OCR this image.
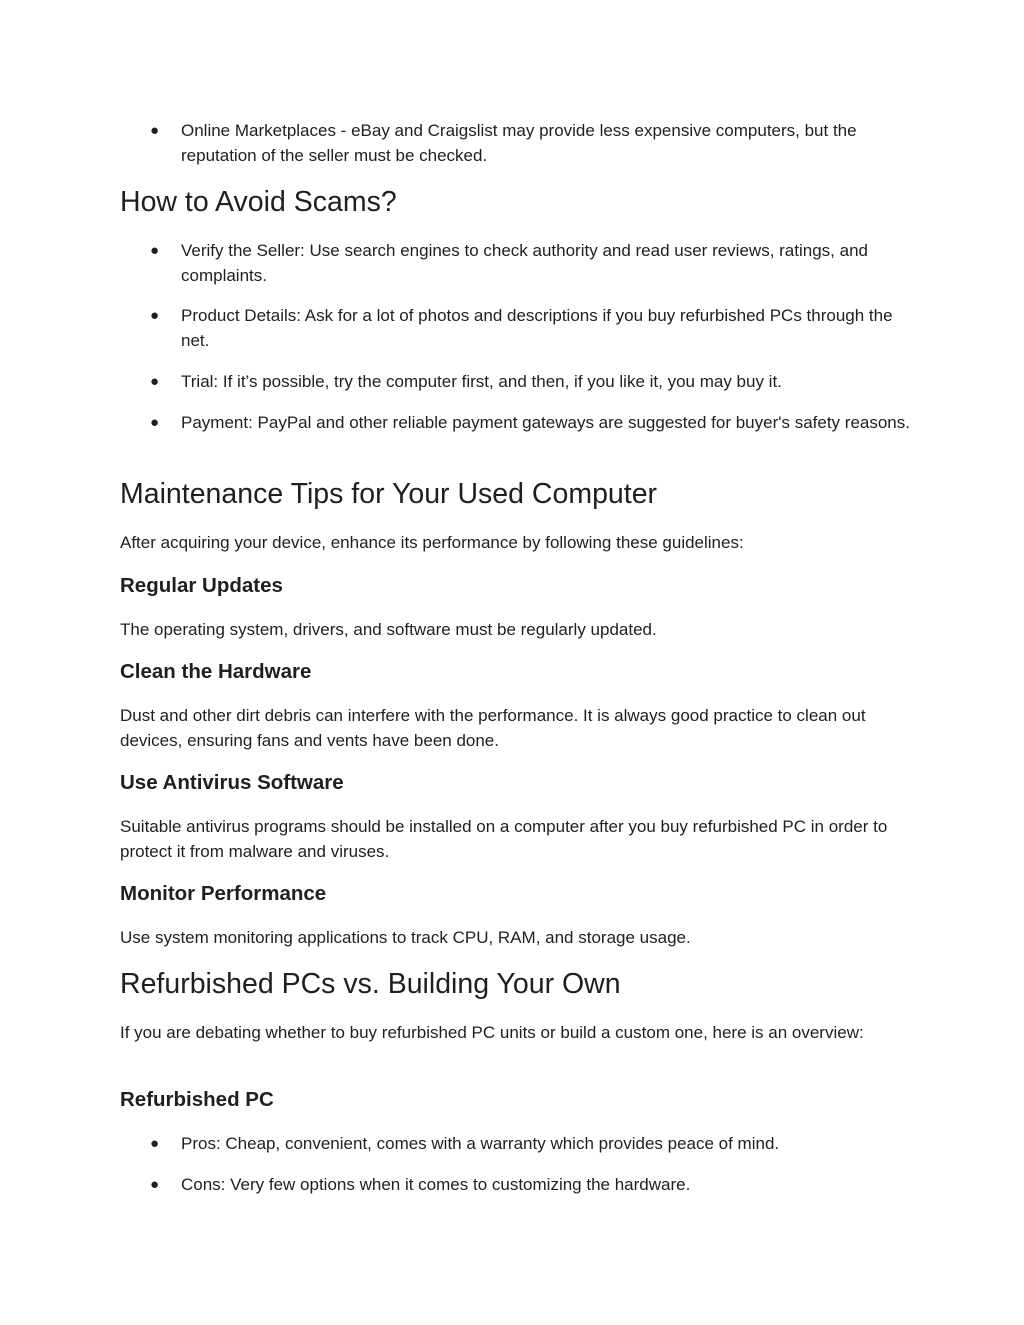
● Online Marketplaces - eBay and Craigslist may provide less expensive computers, but the reputation of the seller must be checked.
How to Avoid Scams?
● Verify the Seller: Use search engines to check authority and read user reviews, ratings, and complaints.
● Product Details: Ask for a lot of photos and descriptions if you buy refurbished PCs through the net.
● Trial: If it’s possible, try the computer first, and then, if you like it, you may buy it.
● Payment: PayPal and other reliable payment gateways are suggested for buyer's safety reasons.
Maintenance Tips for Your Used Computer
After acquiring your device, enhance its performance by following these guidelines:
Regular Updates
The operating system, drivers, and software must be regularly updated.
Clean the Hardware
Dust and other dirt debris can interfere with the performance. It is always good practice to clean out devices, ensuring fans and vents have been done.
Use Antivirus Software
Suitable antivirus programs should be installed on a computer after you buy refurbished PC in order to protect it from malware and viruses.
Monitor Performance
Use system monitoring applications to track CPU, RAM, and storage usage.
Refurbished PCs vs. Building Your Own
If you are debating whether to buy refurbished PC units or build a custom one, here is an overview:
Refurbished PC
● Pros: Cheap, convenient, comes with a warranty which provides peace of mind.
● Cons: Very few options when it comes to customizing the hardware.
